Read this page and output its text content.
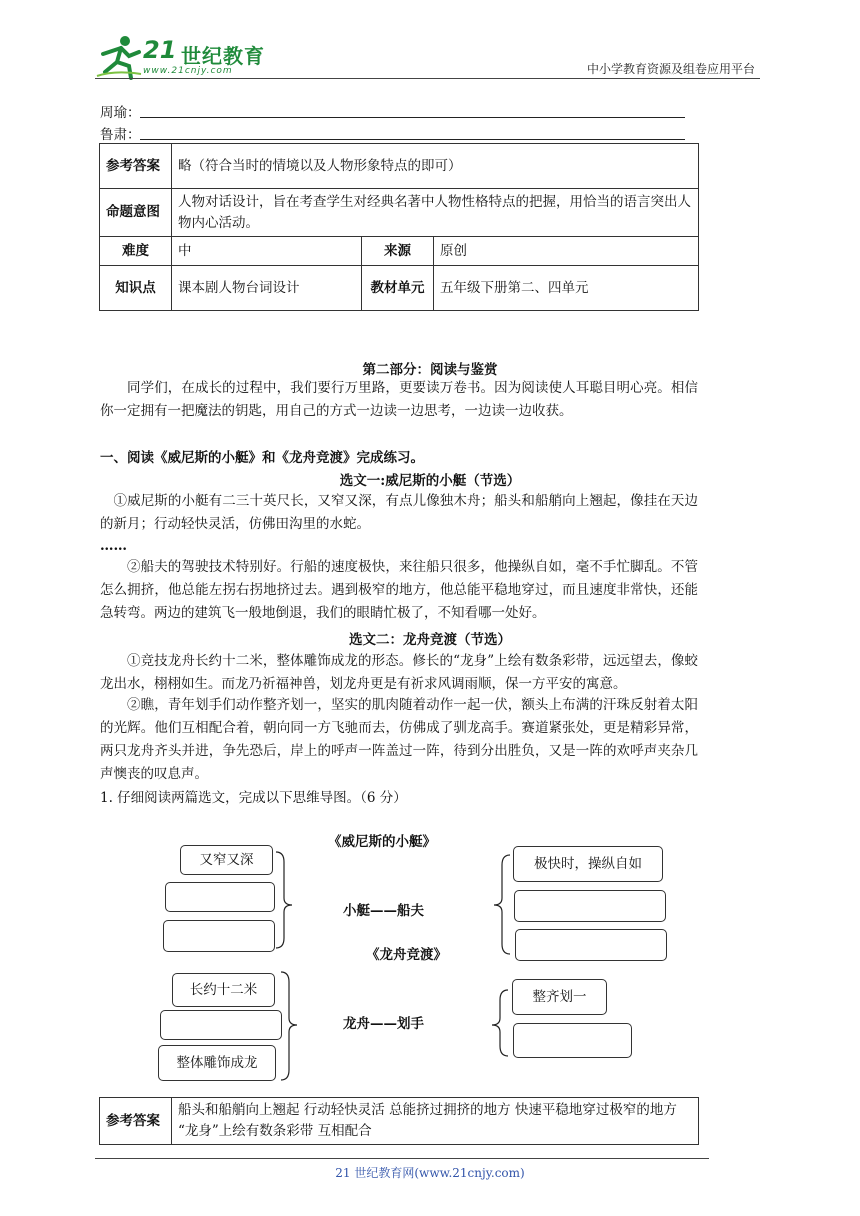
21 世纪教育
www.21cnjy.com	中小学教育资源及组卷应用平台
周瑜：
鲁肃：
参考答案	略（符合当时的情境以及人物形象特点的即可）		
命题意图	人物对话设计，旨在考查学生对经典名著中人物性格特点的把握，用恰当的语言突出人物内心活动。		
难度	中	来源	原创
知识点	课本剧人物台词设计	教材单元	五年级下册第二、四单元
第二部分：阅读与鉴赏
同学们，在成长的过程中，我们要行万里路，更要读万卷书。因为阅读使人耳聪目明心亮。相信你一定拥有一把魔法的钥匙，用自己的方式一边读一边思考，一边读一边收获。
一、阅读《威尼斯的小艇》和《龙舟竞渡》完成练习。
选文一:威尼斯的小艇（节选）
①威尼斯的小艇有二三十英尺长，又窄又深，有点儿像独木舟；船头和船艄向上翘起，像挂在天边的新月；行动轻快灵活，仿佛田沟里的水蛇。
……
②船夫的驾驶技术特别好。行船的速度极快，来往船只很多，他操纵自如，毫不手忙脚乱。不管怎么拥挤，他总能左拐右拐地挤过去。遇到极窄的地方，他总能平稳地穿过，而且速度非常快，还能急转弯。两边的建筑飞一般地倒退，我们的眼睛忙极了，不知看哪一处好。
选文二：龙舟竞渡（节选）
①竞技龙舟长约十二米，整体雕饰成龙的形态。修长的“龙身”上绘有数条彩带，远远望去，像蛟龙出水，栩栩如生。而龙乃祈福神兽，划龙舟更是有祈求风调雨顺，保一方平安的寓意。
②瞧，青年划手们动作整齐划一，坚实的肌肉随着动作一起一伏，额头上布满的汗珠反射着太阳的光辉。他们互相配合着，朝向同一方飞驰而去，仿佛成了驯龙高手。赛道紧张处，更是精彩异常，两只龙舟齐头并进，争先恐后，岸上的呼声一阵盖过一阵，待到分出胜负，又是一阵的欢呼声夹杂几声懊丧的叹息声。
1. 仔细阅读两篇选文，完成以下思维导图。（6 分）
《威尼斯的小艇》
小艇——船夫
《龙舟竞渡》
龙舟——划手
又窄又深	极快时，操纵自如
长约十二米
整体雕饰成龙
整齐划一
参考答案	船头和船艄向上翘起 行动轻快灵活 总能挤过拥挤的地方 快速平稳地穿过极窄的地方 “龙身”上绘有数条彩带 互相配合
21 世纪教育网(www.21cnjy.com)
